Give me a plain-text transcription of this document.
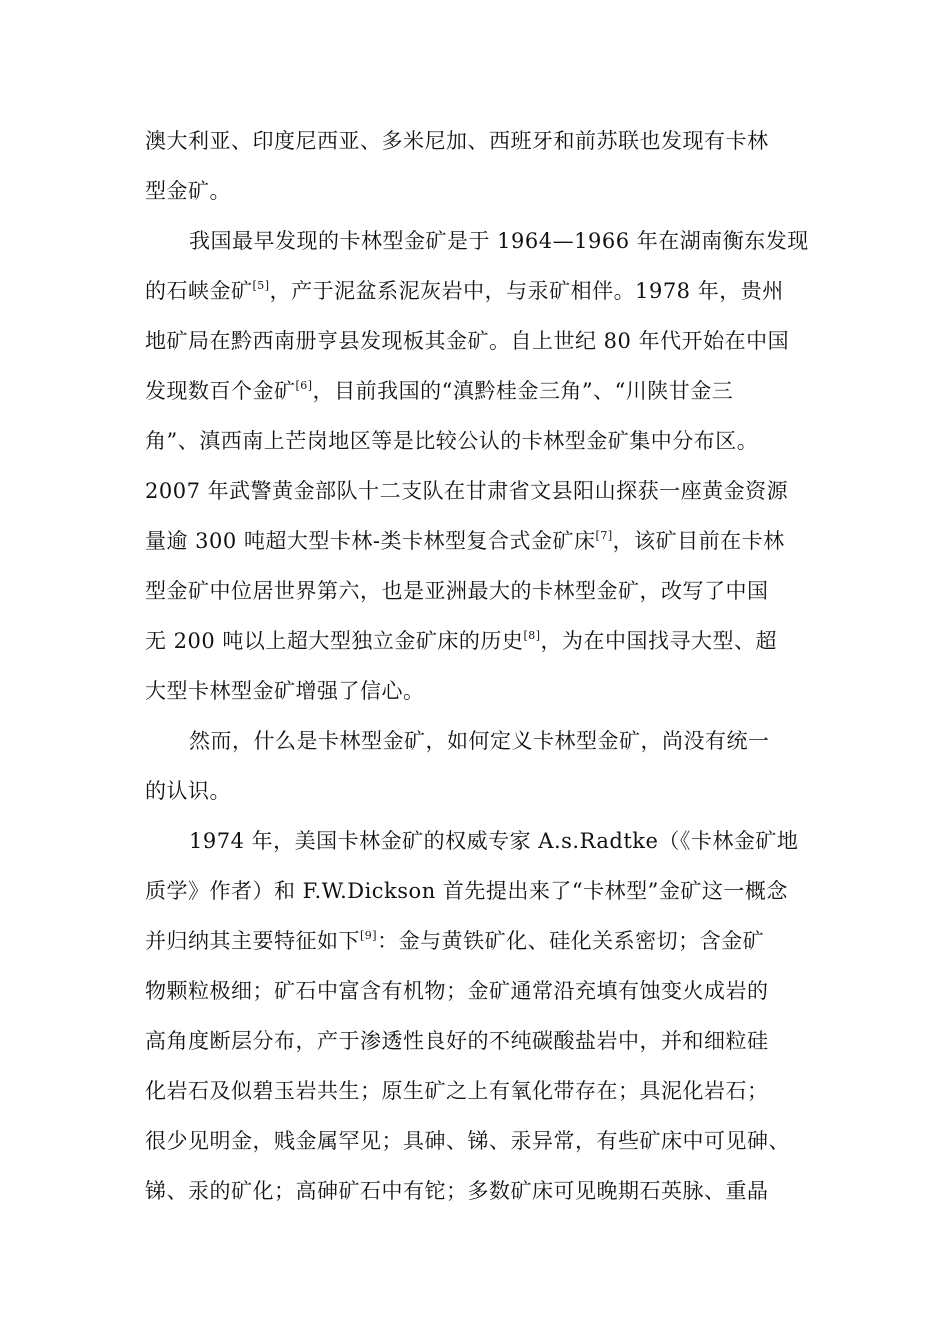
澳大利亚、印度尼西亚、多米尼加、西班牙和前苏联也发现有卡林
型金矿。
我国最早发现的卡林型金矿是于 1964—1966 年在湖南衡东发现
的石峡金矿[5]，产于泥盆系泥灰岩中，与汞矿相伴。1978 年，贵州
地矿局在黔西南册亨县发现板其金矿。自上世纪 80 年代开始在中国
发现数百个金矿[6]，目前我国的“滇黔桂金三角”、“川陕甘金三
角”、滇西南上芒岗地区等是比较公认的卡林型金矿集中分布区。
2007 年武警黄金部队十二支队在甘肃省文县阳山探获一座黄金资源
量逾 300 吨超大型卡林-类卡林型复合式金矿床[7]，该矿目前在卡林
型金矿中位居世界第六，也是亚洲最大的卡林型金矿，改写了中国
无 200 吨以上超大型独立金矿床的历史[8]，为在中国找寻大型、超
大型卡林型金矿增强了信心。
然而，什么是卡林型金矿，如何定义卡林型金矿，尚没有统一
的认识。
1974 年，美国卡林金矿的权威专家 A.s.Radtke（《卡林金矿地
质学》作者）和 F.W.Dickson 首先提出来了“卡林型”金矿这一概念
并归纳其主要特征如下[9]：金与黄铁矿化、硅化关系密切；含金矿
物颗粒极细；矿石中富含有机物；金矿通常沿充填有蚀变火成岩的
高角度断层分布，产于渗透性良好的不纯碳酸盐岩中，并和细粒硅
化岩石及似碧玉岩共生；原生矿之上有氧化带存在；具泥化岩石；
很少见明金，贱金属罕见；具砷、锑、汞异常，有些矿床中可见砷、
锑、汞的矿化；高砷矿石中有铊；多数矿床可见晚期石英脉、重晶
